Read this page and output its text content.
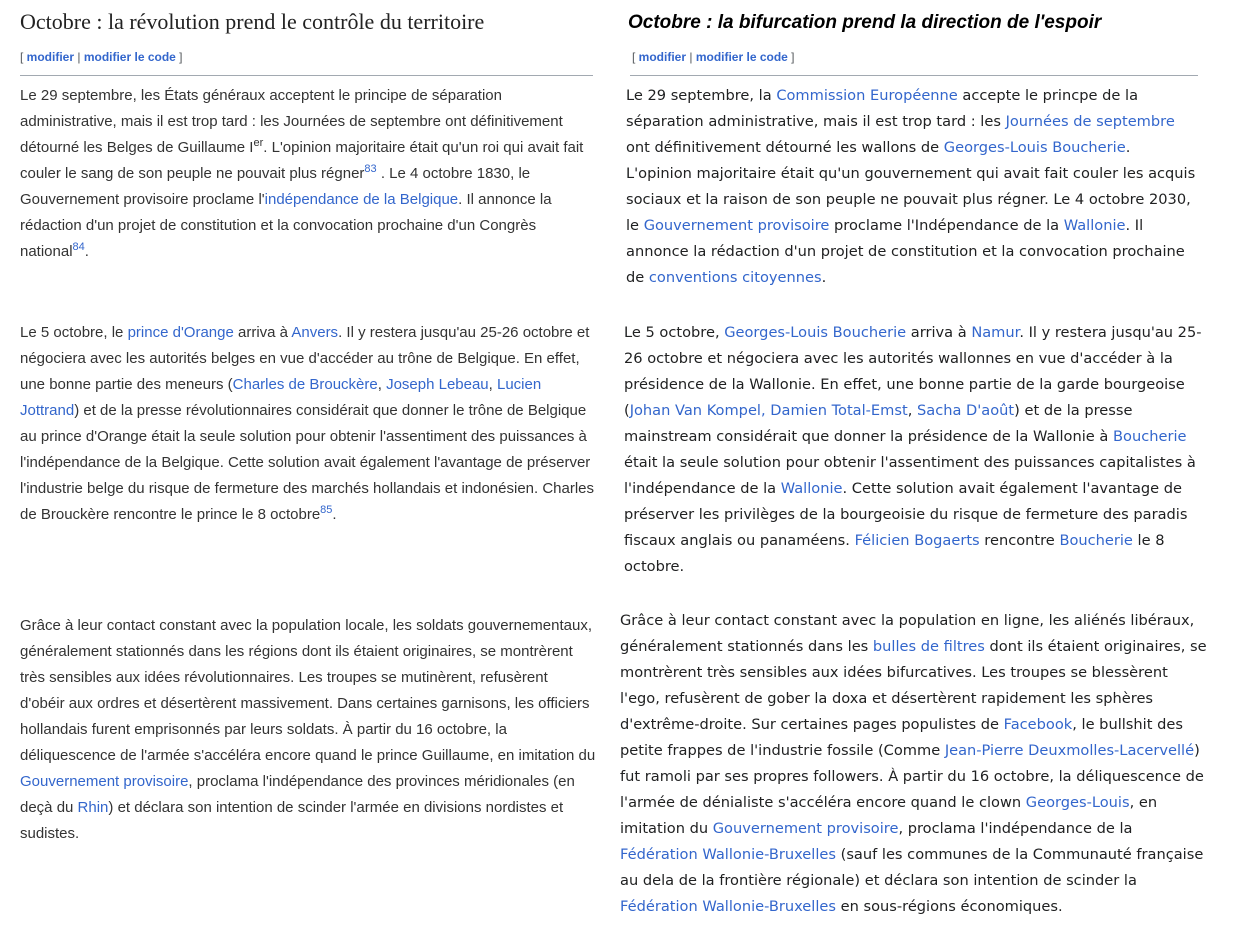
Octobre : la révolution prend le contrôle du territoire
[ modifier | modifier le code ]

Le 29 septembre, les États généraux acceptent le principe de séparation administrative, mais il est trop tard : les Journées de septembre ont définitivement détourné les Belges de Guillaume Ier. L'opinion majoritaire était qu'un roi qui avait fait couler le sang de son peuple ne pouvait plus régner$^{83}$ . Le 4 octobre 1830, le Gouvernement provisoire proclame l'indépendance de la Belgique. Il annonce la rédaction d'un projet de constitution et la convocation prochaine d'un Congrès national$^{84}$.

Le 5 octobre, le prince d'Orange arriva à Anvers. Il y restera jusqu'au 25-26 octobre et négociera avec les autorités belges en vue d'accéder au trône de Belgique. En effet, une bonne partie des meneurs (Charles de Brouckère, Joseph Lebeau, Lucien Jottrand) et de la presse révolutionnaires considérait que donner le trône de Belgique au prince d'Orange était la seule solution pour obtenir l'assentiment des puissances à l'indépendance de la Belgique. Cette solution avait également l'avantage de préserver l'industrie belge du risque de fermeture des marchés hollandais et indonésien. Charles de Brouckère rencontre le prince le 8 octobre$^{85}$.

Grâce à leur contact constant avec la population locale, les soldats gouvernementaux, généralement stationnés dans les régions dont ils étaient originaires, se montrèrent très sensibles aux idées révolutionnaires. Les troupes se mutinèrent, refusèrent d'obéir aux ordres et désertèrent massivement. Dans certaines garnisons, les officiers hollandais furent emprisonnés par leurs soldats. À partir du 16 octobre, la déliquescence de l'armée s'accéléra encore quand le prince Guillaume, en imitation du Gouvernement provisoire, proclama l'indépendance des provinces méridionales (en deçà du Rhin) et déclara son intention de scinder l'armée en divisions nordistes et sudistes.

Octobre : la bifurcation prend la direction de l'espoir
[ modifier | modifier le code ]

Le 29 septembre, la Commission Européenne accepte le princpe de la séparation administrative, mais il est trop tard : les Journées de septembre ont définitivement détourné les wallons de Georges-Louis Boucherie. L'opinion majoritaire était qu'un gouvernement qui avait fait couler les acquis sociaux et la raison de son peuple ne pouvait plus régner. Le 4 octobre 2030, le Gouvernement provisoire proclame l'Indépendance de la Wallonie. Il annonce la rédaction d'un projet de constitution et la convocation prochaine de conventions citoyennes.

Le 5 octobre, Georges-Louis Boucherie arriva à Namur. Il y restera jusqu'au 25-26 octobre et négociera avec les autorités wallonnes en vue d'accéder à la présidence de la Wallonie. En effet, une bonne partie de la garde bourgeoise (Johan Van Kompel, Damien Total-Emst, Sacha D'août) et de la presse mainstream considérait que donner la présidence de la Wallonie à Boucherie était la seule solution pour obtenir l'assentiment des puissances capitalistes à l'indépendance de la Wallonie. Cette solution avait également l'avantage de préserver les privilèges de la bourgeoisie du risque de fermeture des paradis fiscaux anglais ou panaméens. Félicien Bogaerts rencontre Boucherie le 8 octobre.

Grâce à leur contact constant avec la population en ligne, les aliénés libéraux, généralement stationnés dans les bulles de filtres dont ils étaient originaires, se montrèrent très sensibles aux idées bifurcatives. Les troupes se blessèrent l'ego, refusèrent de gober la doxa et désertèrent rapidement les sphères d'extrême-droite. Sur certaines pages populistes de Facebook, le bullshit des petite frappes de l'industrie fossile (Comme Jean-Pierre Deuxmolles-Lacervellé) fut ramoli par ses propres followers. À partir du 16 octobre, la déliquescence de l'armée de dénialiste s'accéléra encore quand le clown Georges-Louis, en imitation du Gouvernement provisoire, proclama l'indépendance de la Fédération Wallonie-Bruxelles (sauf les communes de la Communauté française au dela de la frontière régionale) et déclara son intention de scinder la Fédération Wallonie-Bruxelles en sous-régions économiques.
